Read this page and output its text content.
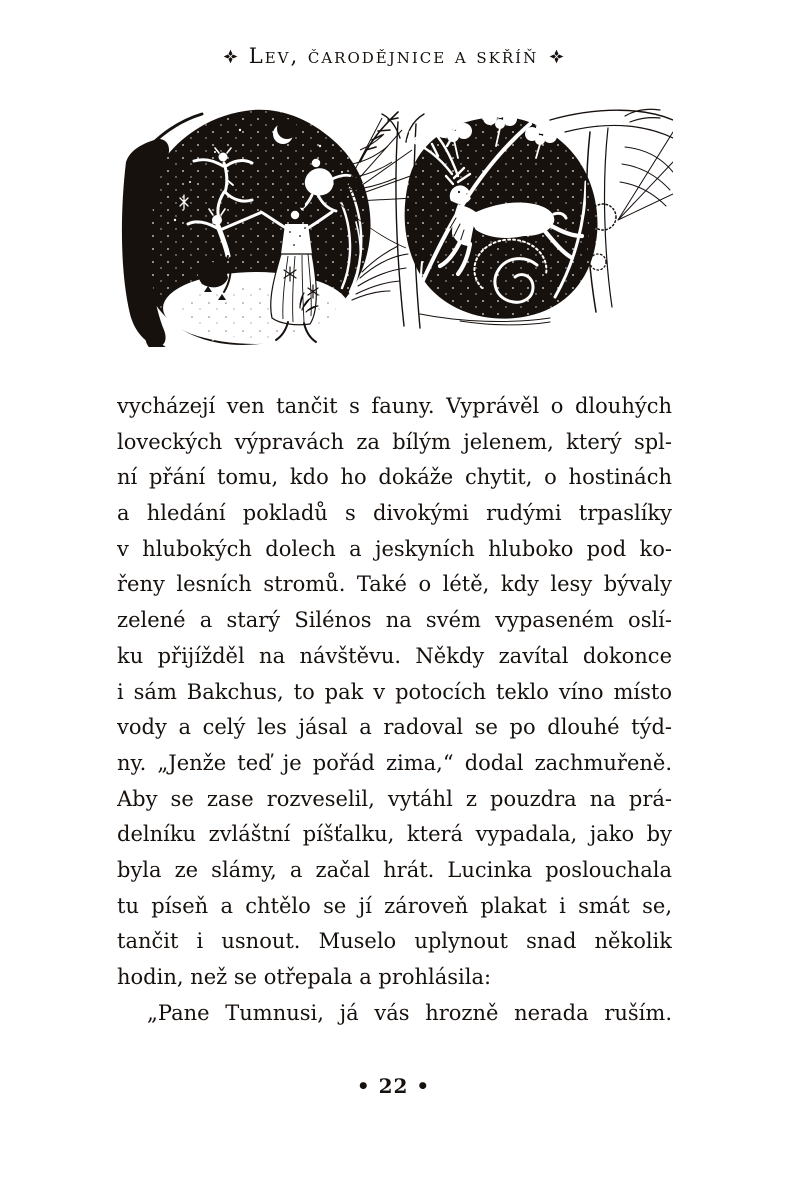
Lev, čarodějnice a skříň
vycházejí ven tančit s fauny. Vyprávěl o dlouhých
loveckých výpravách za bílým jelenem, který spl-
ní přání tomu, kdo ho dokáže chytit, o hostinách
a hledání pokladů s divokými rudými trpaslíky
v hlubokých dolech a jeskyních hluboko pod ko-
řeny lesních stromů. Také o létě, kdy lesy bývaly
zelené a starý Silénos na svém vypaseném oslí-
ku přijížděl na návštěvu. Někdy zavítal dokonce
i sám Bakchus, to pak v potocích teklo víno místo
vody a celý les jásal a radoval se po dlouhé týd-
ny. „Jenže teď je pořád zima,“ dodal zachmuřeně.
Aby se zase rozveselil, vytáhl z pouzdra na prá-
delníku zvláštní píšťalku, která vypadala, jako by
byla ze slámy, a začal hrát. Lucinka poslouchala
tu píseň a chtělo se jí zároveň plakat i smát se,
tančit i usnout. Muselo uplynout snad několik
hodin, než se otřepala a prohlásila:
„Pane Tumnusi, já vás hrozně nerada ruším.
• 22 •
